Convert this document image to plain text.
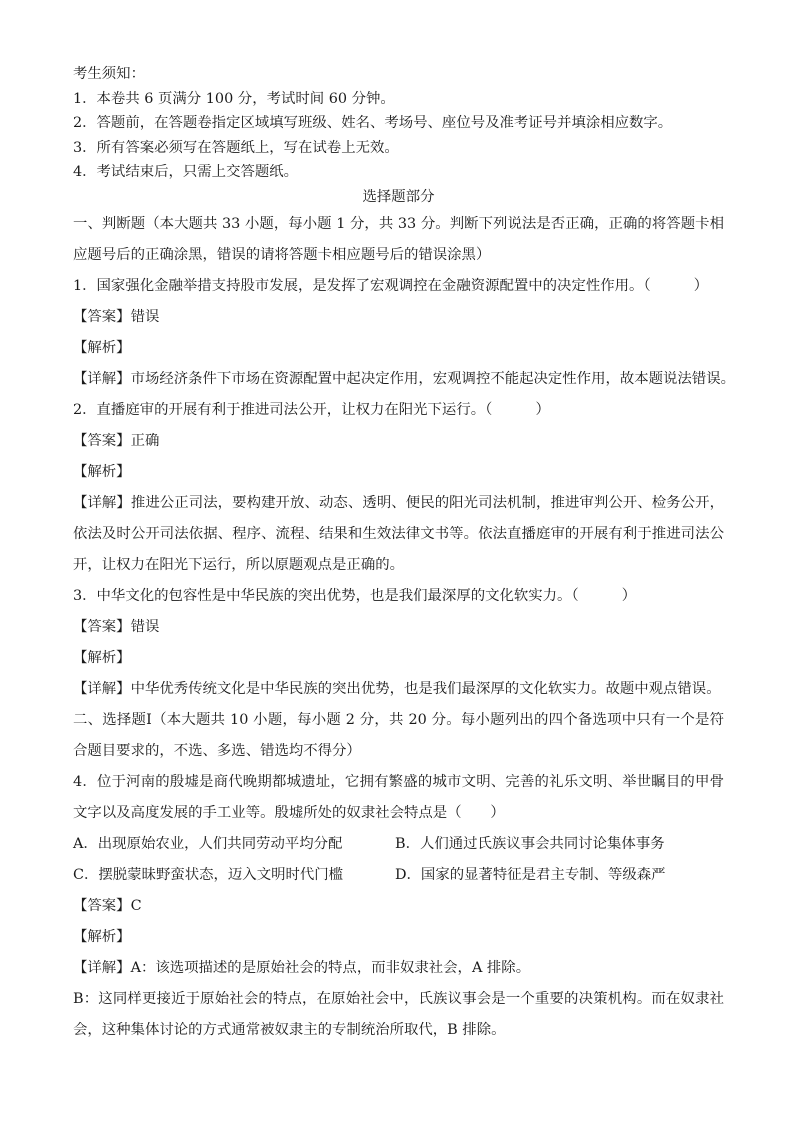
考生须知：
1．本卷共 6 页满分 100 分，考试时间 60 分钟。
2．答题前，在答题卷指定区域填写班级、姓名、考场号、座位号及准考证号并填涂相应数字。
3．所有答案必须写在答题纸上，写在试卷上无效。
4．考试结束后，只需上交答题纸。
选择题部分
一、判断题（本大题共 33 小题，每小题 1 分，共 33 分。判断下列说法是否正确，正确的将答题卡相应题号后的正确涂黑，错误的请将答题卡相应题号后的错误涂黑）
1．国家强化金融举措支持股市发展，是发挥了宏观调控在金融资源配置中的决定性作用。（　　　）
【答案】错误
【解析】
【详解】市场经济条件下市场在资源配置中起决定作用，宏观调控不能起决定性作用，故本题说法错误。
2．直播庭审的开展有利于推进司法公开，让权力在阳光下运行。（　　　）
【答案】正确
【解析】
【详解】推进公正司法，要构建开放、动态、透明、便民的阳光司法机制，推进审判公开、检务公开，依法及时公开司法依据、程序、流程、结果和生效法律文书等。依法直播庭审的开展有利于推进司法公开，让权力在阳光下运行，所以原题观点是正确的。
3．中华文化的包容性是中华民族的突出优势，也是我们最深厚的文化软实力。（　　　）
【答案】错误
【解析】
【详解】中华优秀传统文化是中华民族的突出优势，也是我们最深厚的文化软实力。故题中观点错误。
二、选择题Ⅰ（本大题共 10 小题，每小题 2 分，共 20 分。每小题列出的四个备选项中只有一个是符合题目要求的，不选、多选、错选均不得分）
4．位于河南的殷墟是商代晚期都城遗址，它拥有繁盛的城市文明、完善的礼乐文明、举世瞩目的甲骨文字以及高度发展的手工业等。殷墟所处的奴隶社会特点是（　　）
A．出现原始农业，人们共同劳动平均分配	B．人们通过氏族议事会共同讨论集体事务
C．摆脱蒙昧野蛮状态，迈入文明时代门槛	D．国家的显著特征是君主专制、等级森严
【答案】C
【解析】
【详解】A：该选项描述的是原始社会的特点，而非奴隶社会，A 排除。
B：这同样更接近于原始社会的特点，在原始社会中，氏族议事会是一个重要的决策机构。而在奴隶社会，这种集体讨论的方式通常被奴隶主的专制统治所取代，B 排除。
